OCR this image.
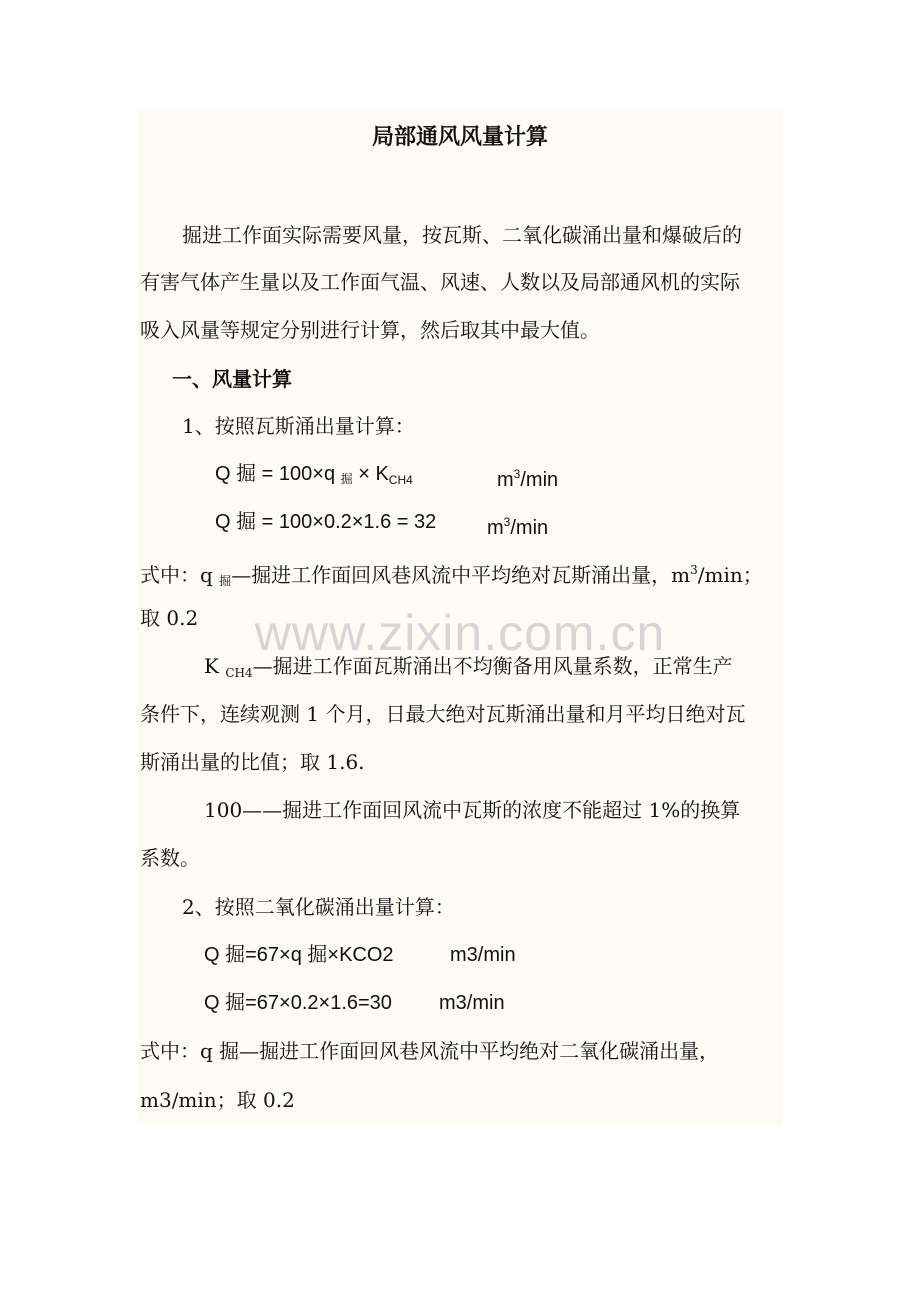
局部通风风量计算
掘进工作面实际需要风量，按瓦斯、二氧化碳涌出量和爆破后的
有害气体产生量以及工作面气温、风速、人数以及局部通风机的实际
吸入风量等规定分别进行计算，然后取其中最大值。
一、风量计算
1、按照瓦斯涌出量计算：
Q 掘 = 100×q 掘 × $K_{CH4}$	$m^3/\min$
Q 掘 = 100×0.2×1.6 = 32	$m^3/\min$
式中：q 掘—掘进工作面回风巷风流中平均绝对瓦斯涌出量，$m^3/\min$；
取 0.2	www.zixin.com.cn
K $_{CH4}$—掘进工作面瓦斯涌出不均衡备用风量系数，正常生产
条件下，连续观测 1 个月，日最大绝对瓦斯涌出量和月平均日绝对瓦
斯涌出量的比值；取 1.6.
100——掘进工作面回风流中瓦斯的浓度不能超过 1%的换算
系数。
2、按照二氧化碳涌出量计算：
Q 掘=67×q 掘×KCO2	m3/min
Q 掘=67×0.2×1.6=30 m3/min
式中：q 掘—掘进工作面回风巷风流中平均绝对二氧化碳涌出量，
m3/min；取 0.2
